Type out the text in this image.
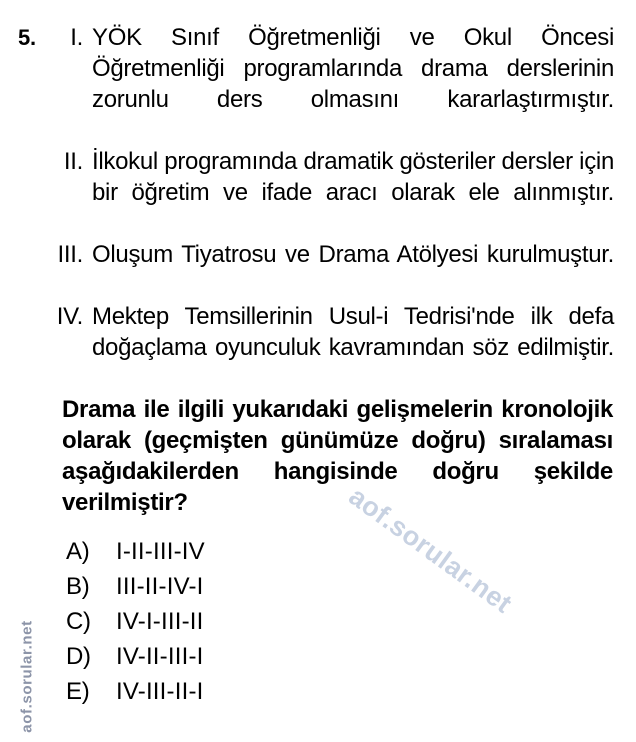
aof.sorular.net
5.	I. YÖK Sınıf Öğretmenliği ve Okul Öncesi Öğretmenliği programlarında drama derslerinin zorunlu ders olmasını kararlaştırmıştır.
II. İlkokul programında dramatik gösteriler dersler için bir öğretim ve ifade aracı olarak ele alınmıştır.
III. Oluşum Tiyatrosu ve Drama Atölyesi kurulmuştur.
IV. Mektep Temsillerinin Usul-i Tedrisi'nde ilk defa doğaçlama oyunculuk kavramından söz edilmiştir.
Drama ile ilgili yukarıdaki gelişmelerin kronolojik olarak (geçmişten günümüze doğru) sıralaması aşağıdakilerden hangisinde doğru şekilde verilmiştir?
A) I-II-III-IV
B) III-II-IV-I
C) IV-I-III-II
D) IV-II-III-I
E) IV-III-II-I
aof.sorular.net
